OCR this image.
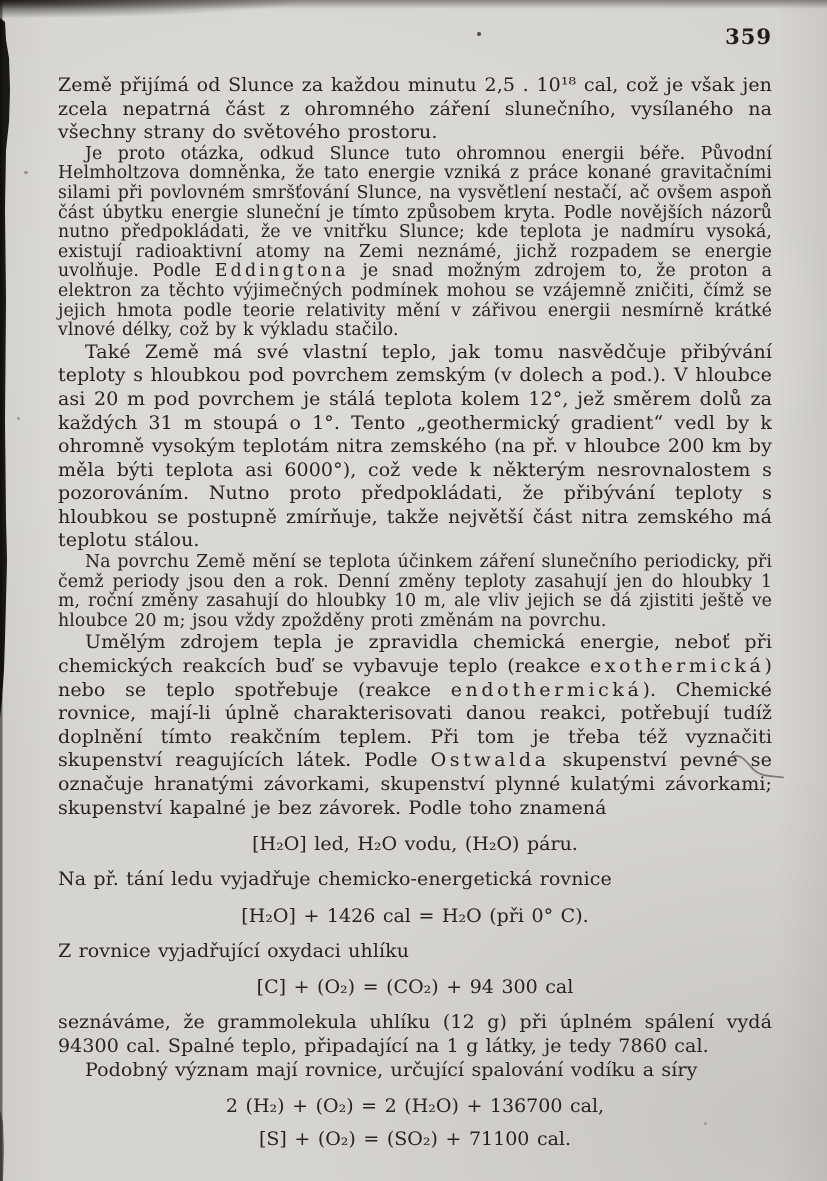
359

Země přijímá od Slunce za každou minutu 2,5 . 10¹⁸ cal, což je však jen zcela nepatrná část z ohromného záření slunečního, vysílaného na všechny strany do světového prostoru.

Je proto otázka, odkud Slunce tuto ohromnou energii béře. Původní Helmholtzova domněnka, že tato energie vzniká z práce konané gravitačními silami při povlovném smršťování Slunce, na vysvětlení nestačí, ač ovšem aspoň část úbytku energie sluneční je tímto způsobem kryta. Podle novějších názorů nutno předpokládati, že ve vnitřku Slunce; kde teplota je nadmíru vysoká, existují radioaktivní atomy na Zemi neznámé, jichž rozpadem se energie uvolňuje. Podle Eddingtona je snad možným zdrojem to, že proton a elektron za těchto výjimečných podmínek mohou se vzájemně zničiti, čímž se jejich hmota podle teorie relativity mění v zářivou energii nesmírně krátké vlnové délky, což by k výkladu stačilo.

Také Země má své vlastní teplo, jak tomu nasvědčuje přibývání teploty s hloubkou pod povrchem zemským (v dolech a pod.). V hloubce asi 20 m pod povrchem je stálá teplota kolem 12°, jež směrem dolů za každých 31 m stoupá o 1°. Tento „geothermický gradient“ vedl by k ohromně vysokým teplotám nitra zemského (na př. v hloubce 200 km by měla býti teplota asi 6000°), což vede k některým nesrovnalostem s pozorováním. Nutno proto předpokládati, že přibývání teploty s hloubkou se postupně zmírňuje, takže největší část nitra zemského má teplotu stálou.

Na povrchu Země mění se teplota účinkem záření slunečního periodicky, při čemž periody jsou den a rok. Denní změny teploty zasahují jen do hloubky 1 m, roční změny zasahují do hloubky 10 m, ale vliv jejich se dá zjistiti ještě ve hloubce 20 m; jsou vždy zpožděny proti změnám na povrchu.

Umělým zdrojem tepla je zpravidla chemická energie, neboť při chemických reakcích buď se vybavuje teplo (reakce exothermická) nebo se teplo spotřebuje (reakce endothermická). Chemické rovnice, mají-li úplně charakterisovati danou reakci, potřebují tudíž doplnění tímto reakčním teplem. Při tom je třeba též vyznačiti skupenství reagujících látek. Podle Ostwalda skupenství pevné se označuje hranatými závorkami, skupenství plynné kulatými závorkami; skupenství kapalné je bez závorek. Podle toho znamená

[H₂O] led, H₂O vodu, (H₂O) páru.

Na př. tání ledu vyjadřuje chemicko-energetická rovnice

[H₂O] + 1426 cal = H₂O (při 0° C).

Z rovnice vyjadřující oxydaci uhlíku

[C] + (O₂) = (CO₂) + 94 300 cal

seznáváme, že grammolekula uhlíku (12 g) při úplném spálení vydá 94300 cal. Spalné teplo, připadající na 1 g látky, je tedy 7860 cal.

Podobný význam mají rovnice, určující spalování vodíku a síry

2 (H₂) + (O₂) = 2 (H₂O) + 136700 cal,
[S] + (O₂) = (SO₂) + 71100 cal.
